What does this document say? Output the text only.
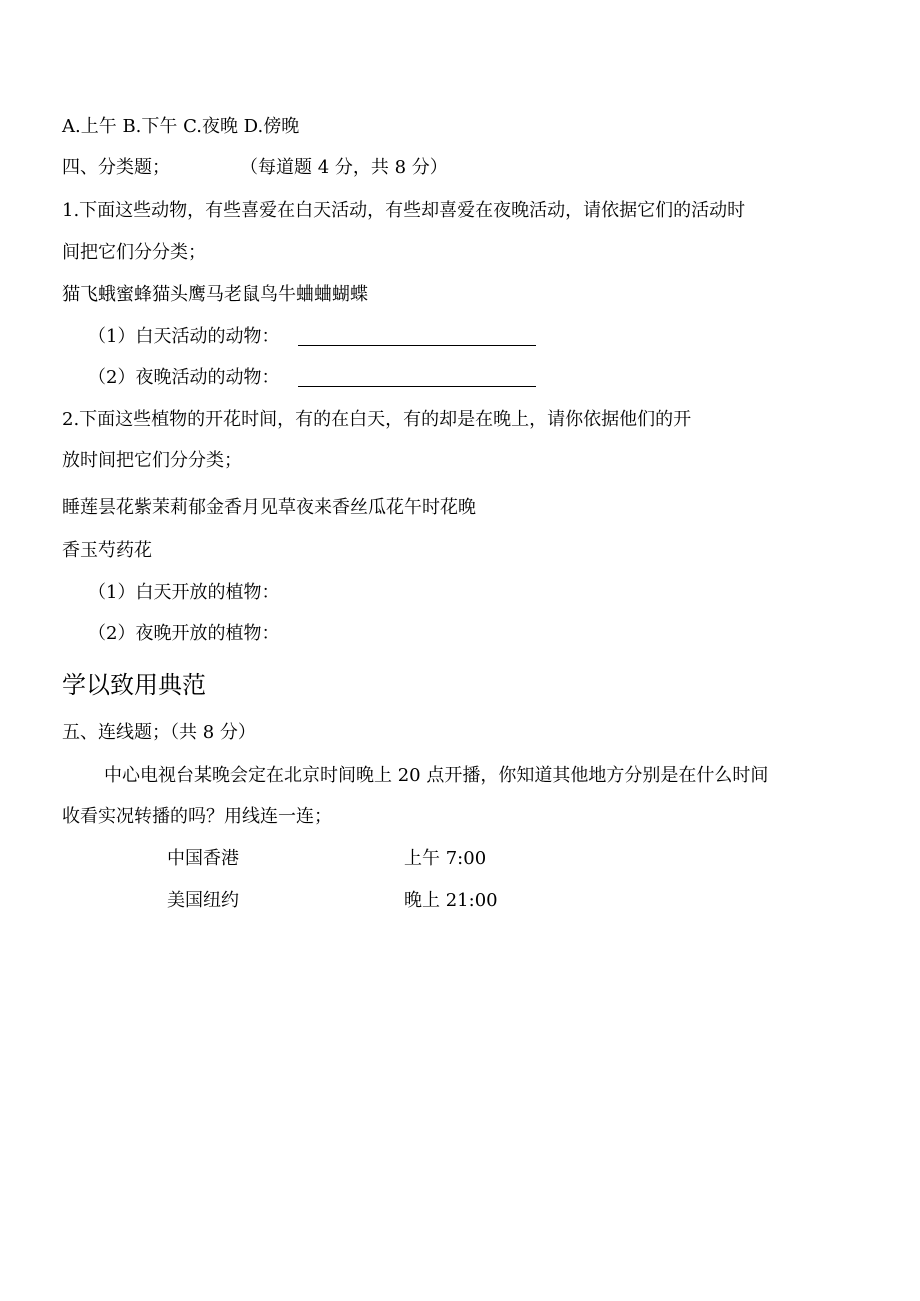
A.上午 B.下午 C.夜晚 D.傍晚
四、分类题；	（每道题 4 分，共 8 分）
1.下面这些动物，有些喜爱在白天活动，有些却喜爱在夜晚活动，请依据它们的活动时
间把它们分分类；
猫飞蛾蜜蜂猫头鹰马老鼠鸟牛蛐蛐蝴蝶
（1）白天活动的动物：
（2）夜晚活动的动物：
2.下面这些植物的开花时间，有的在白天，有的却是在晚上，请你依据他们的开
放时间把它们分分类；
睡莲昙花紫茉莉郁金香月见草夜来香丝瓜花午时花晚
香玉芍药花
（1）白天开放的植物：
（2）夜晚开放的植物：
学以致用典范
五、连线题；（共 8 分）
中心电视台某晚会定在北京时间晚上 20 点开播，你知道其他地方分别是在什么时间
收看实况转播的吗？用线连一连；
中国香港	上午 7:00
美国纽约	晚上 21:00
